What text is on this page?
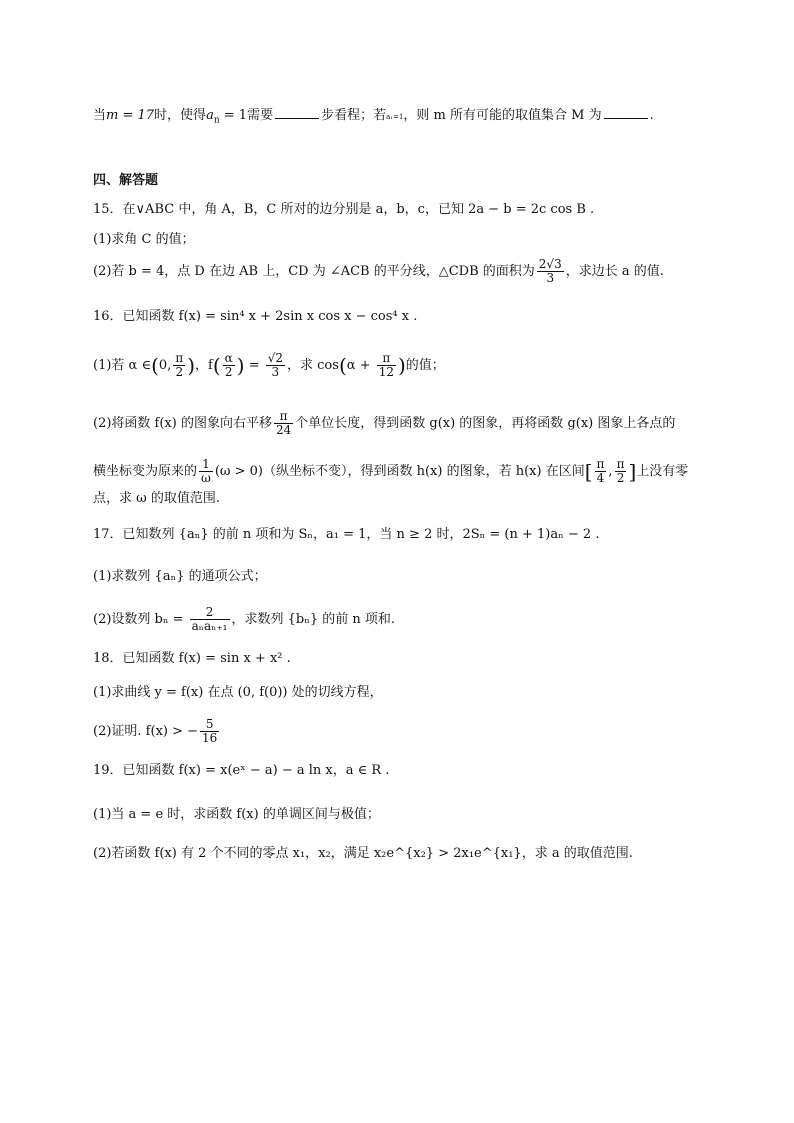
当m = 17时，使得$a_n = 1$需要	步看程；若a₁=1，则 m 所有可能的取值集合 M 为	.
四、解答题
15．在∨ABC 中，角 A，B，C 所对的边分别是 a，b，c，已知 2a − b = 2c cos B .
(1)求角 C 的值；
(2)若 b = 4，点 D 在边 AB 上，CD 为 ∠ACB 的平分线，△CDB 的面积为 $\frac{2√3}{3}$ ，求边长 a 的值.
16．已知函数 f(x) = sin⁴ x + 2sin x cos x − cos⁴ x .
(1)若 α ∈(0, $\frac{\pi}{2}$ )，$f( \frac{\alpha}{2}$ ) = $\frac{√2}{3}$ ，求 $\cos(\alpha + \frac{\pi}{12}$ )的值；
(2)将函数 f(x) 的图象向右平移 $\frac{\pi}{24}$ 个单位长度，得到函数 g(x) 的图象，再将函数 g(x) 图象上各点的
横坐标变为原来的 $\frac{1}{\omega} (\omega > 0)$（纵坐标不变），得到函数 h(x) 的图象，若 h(x) 在区间[ $\frac{\pi}{4}$ , $\frac{\pi}{2}$ ]上没有零
点，求 ω 的取值范围.
17．已知数列 {aₙ} 的前 n 项和为 Sₙ，a₁ = 1，当 n ≥ 2 时，2Sₙ = (n + 1)aₙ − 2 .
(1)求数列 {aₙ} 的通项公式；
(2)设数列 $b_n = \frac{2}{\text{aₙaₙ₊₁}}$ ，求数列 {bₙ} 的前 n 项和.
18．已知函数 f(x) = sin x + x² .
(1)求曲线 y = f(x) 在点 (0, f(0)) 处的切线方程，
(2)证明. f(x) > − $\frac{5}{16}$
19．已知函数 f(x) = x(eˣ − a) − a ln x，a ∈ R .
(1)当 a = e 时，求函数 f(x) 的单调区间与极值；
(2)若函数 f(x) 有 2 个不同的零点 x₁，x₂，满足 x₂e^{x₂} > 2x₁e^{x₁}，求 a 的取值范围.
